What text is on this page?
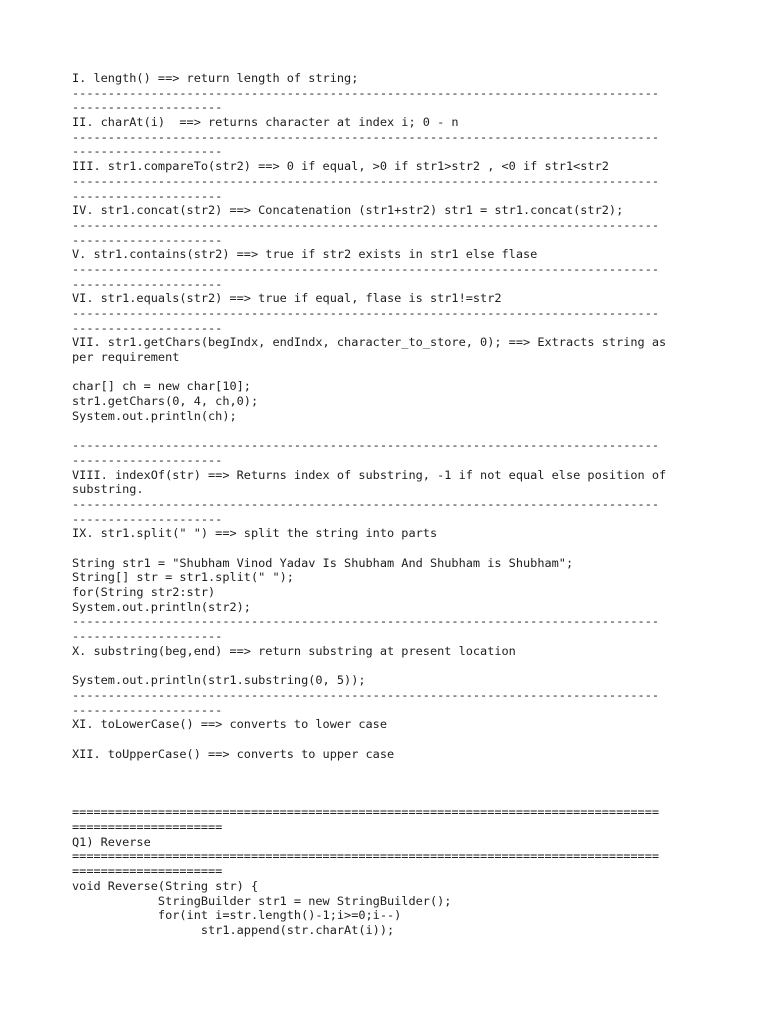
I. length() ==> return length of string;
----------------------------------------------------------------------------------
---------------------
II. charAt(i)  ==> returns character at index i; 0 - n
----------------------------------------------------------------------------------
---------------------
III. str1.compareTo(str2) ==> 0 if equal, >0 if str1>str2 , <0 if str1<str2
----------------------------------------------------------------------------------
---------------------
IV. str1.concat(str2) ==> Concatenation (str1+str2) str1 = str1.concat(str2);
----------------------------------------------------------------------------------
---------------------
V. str1.contains(str2) ==> true if str2 exists in str1 else flase
----------------------------------------------------------------------------------
---------------------
VI. str1.equals(str2) ==> true if equal, flase is str1!=str2
----------------------------------------------------------------------------------
---------------------
VII. str1.getChars(begIndx, endIndx, character_to_store, 0); ==> Extracts string as
per requirement
char[] ch = new char[10];
str1.getChars(0, 4, ch,0);
System.out.println(ch);
----------------------------------------------------------------------------------
---------------------
VIII. indexOf(str) ==> Returns index of substring, -1 if not equal else position of
substring.
----------------------------------------------------------------------------------
---------------------
IX. str1.split(" ") ==> split the string into parts
String str1 = "Shubham Vinod Yadav Is Shubham And Shubham is Shubham";
String[] str = str1.split(" ");
for(String str2:str)
System.out.println(str2);
----------------------------------------------------------------------------------
---------------------
X. substring(beg,end) ==> return substring at present location
System.out.println(str1.substring(0, 5));
----------------------------------------------------------------------------------
---------------------
XI. toLowerCase() ==> converts to lower case
XII. toUpperCase() ==> converts to upper case
==================================================================================
=====================
Q1) Reverse
==================================================================================
=====================
void Reverse(String str) {
StringBuilder str1 = new StringBuilder();
for(int i=str.length()-1;i>=0;i--)
str1.append(str.charAt(i));
